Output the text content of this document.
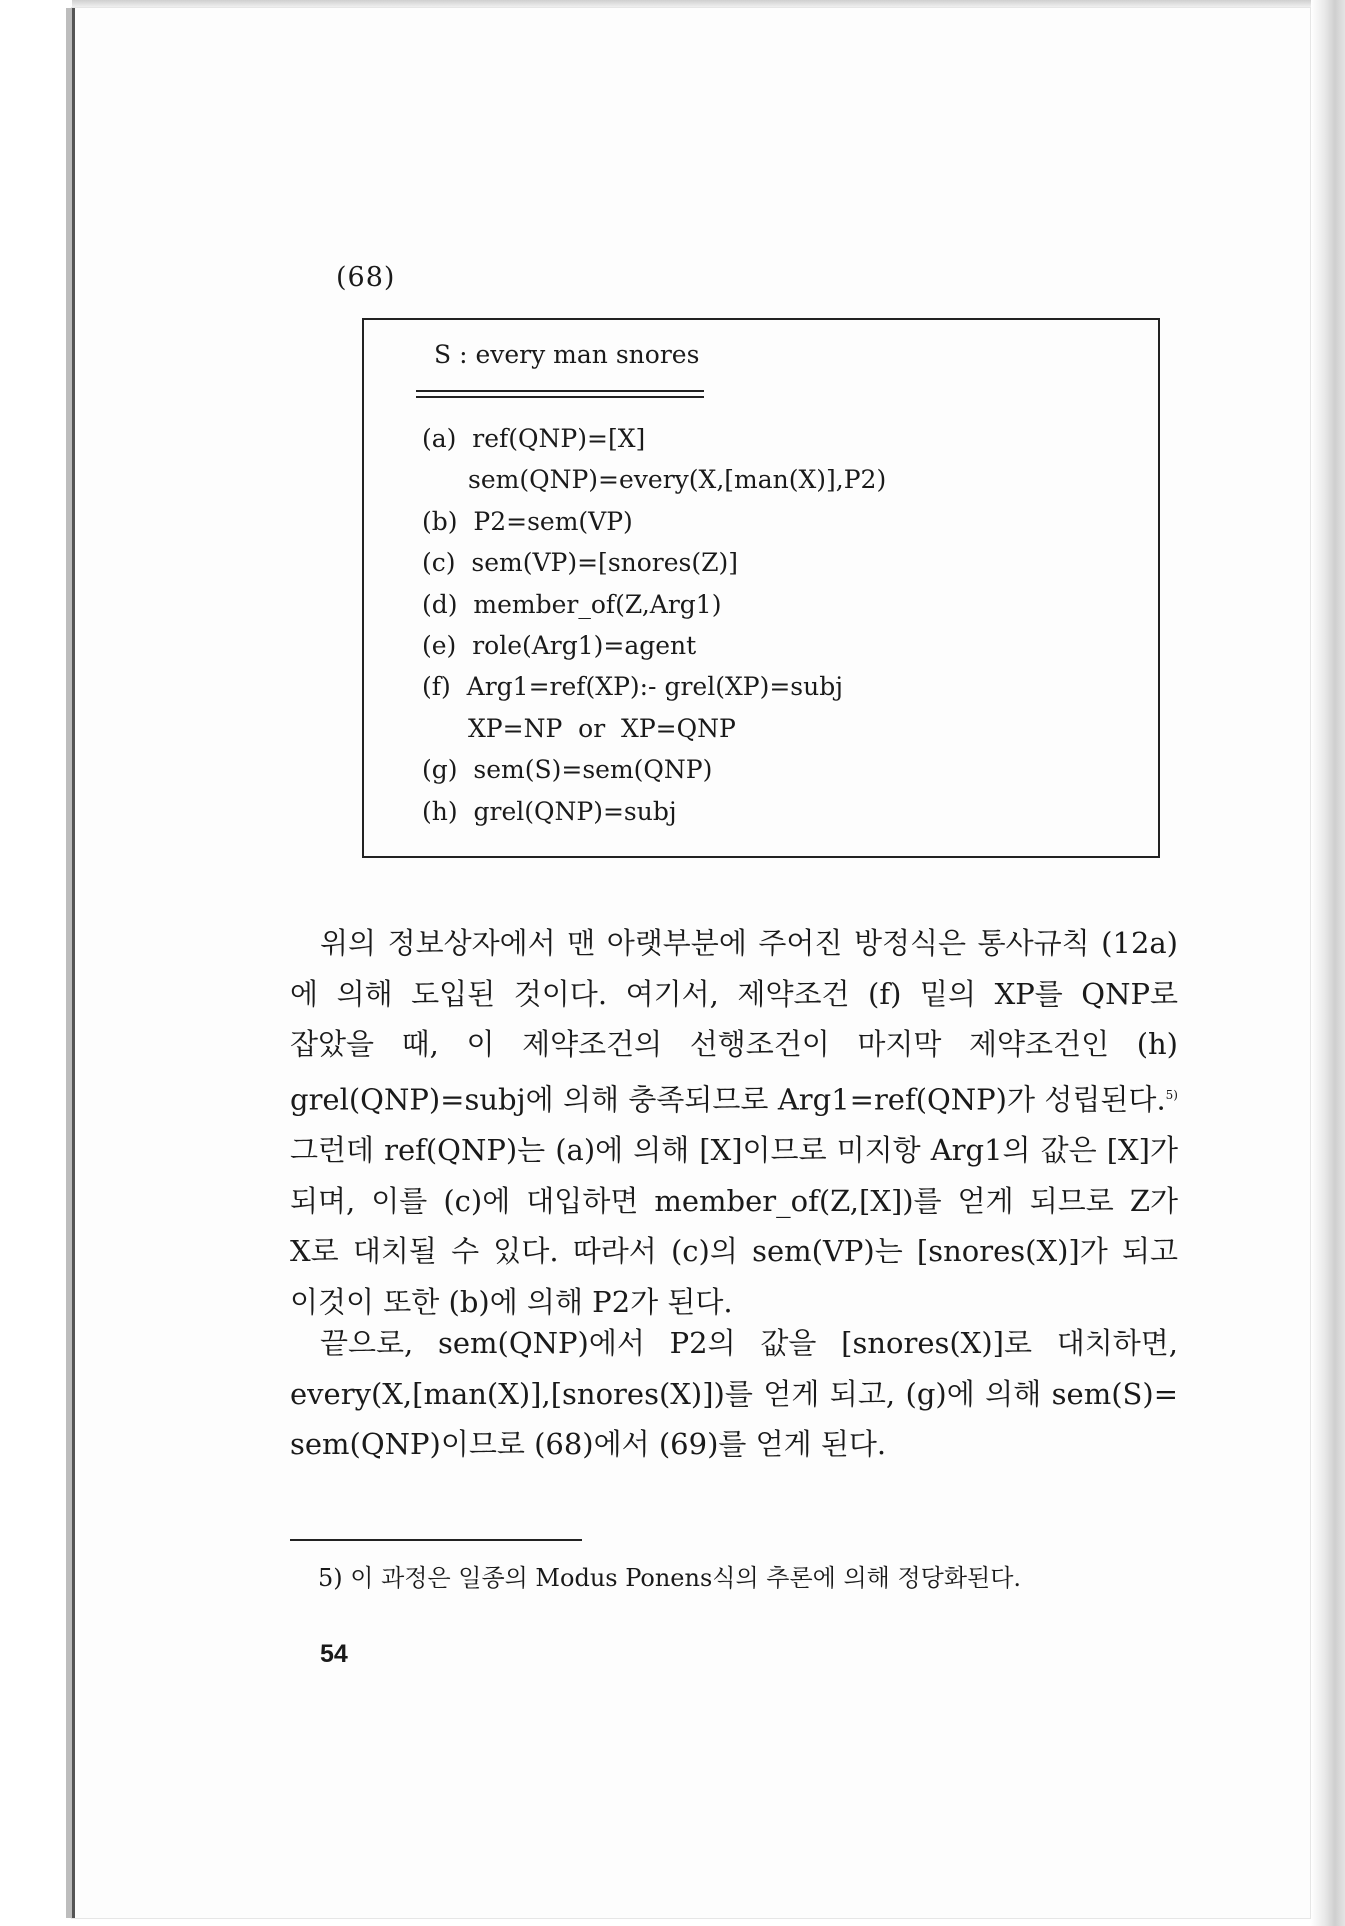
(68)
S : every man snores
(a)  ref(QNP)=[X]
sem(QNP)=every(X,[man(X)],P2)
(b)  P2=sem(VP)
(c)  sem(VP)=[snores(Z)]
(d)  member_of(Z,Arg1)
(e)  role(Arg1)=agent
(f)  Arg1=ref(XP):- grel(XP)=subj
XP=NP  or  XP=QNP
(g)  sem(S)=sem(QNP)
(h)  grel(QNP)=subj
위의 정보상자에서 맨 아랫부분에 주어진 방정식은 통사규칙 (12a)에 의해 도입된 것이다. 여기서, 제약조건 (f) 밑의 XP를 QNP로 잡았을 때, 이 제약조건의 선행조건이 마지막 제약조건인 (h) grel(QNP)=subj에 의해 충족되므로 Arg1=ref(QNP)가 성립된다.$^{5)}$ 그런데 ref(QNP)는 (a)에 의해 [X]이므로 미지항 Arg1의 값은 [X]가 되며, 이를 (c)에 대입하면 member_of(Z,[X])를 얻게 되므로 Z가 X로 대치될 수 있다. 따라서 (c)의 sem(VP)는 [snores(X)]가 되고 이것이 또한 (b)에 의해 P2가 된다.
끝으로, sem(QNP)에서 P2의 값을 [snores(X)]로 대치하면, every(X,[man(X)],[snores(X)])를 얻게 되고, (g)에 의해 sem(S)= sem(QNP)이므로 (68)에서 (69)를 얻게 된다.
5) 이 과정은 일종의 Modus Ponens식의 추론에 의해 정당화된다.
54
